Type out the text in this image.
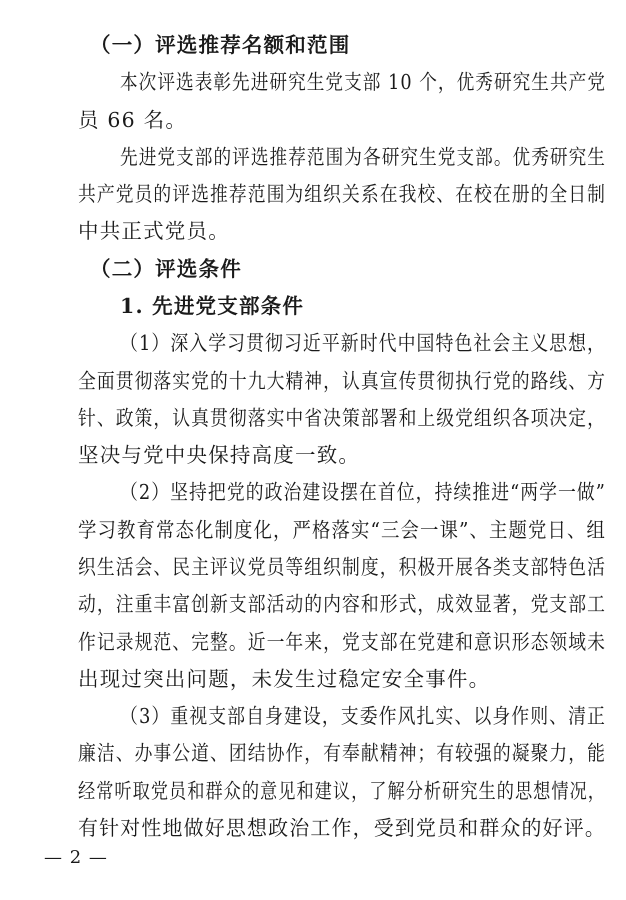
（一）评选推荐名额和范围
本次评选表彰先进研究生党支部 10 个，优秀研究生共产党
员 66 名。
先进党支部的评选推荐范围为各研究生党支部。优秀研究生
共产党员的评选推荐范围为组织关系在我校、在校在册的全日制
中共正式党员。
（二）评选条件
1. 先进党支部条件
（1）深入学习贯彻习近平新时代中国特色社会主义思想，
全面贯彻落实党的十九大精神，认真宣传贯彻执行党的路线、方
针、政策，认真贯彻落实中省决策部署和上级党组织各项决定，
坚决与党中央保持高度一致。
（2）坚持把党的政治建设摆在首位，持续推进“两学一做”
学习教育常态化制度化，严格落实“三会一课”、主题党日、组
织生活会、民主评议党员等组织制度，积极开展各类支部特色活
动，注重丰富创新支部活动的内容和形式，成效显著，党支部工
作记录规范、完整。近一年来，党支部在党建和意识形态领域未
出现过突出问题，未发生过稳定安全事件。
（3）重视支部自身建设，支委作风扎实、以身作则、清正
廉洁、办事公道、团结协作，有奉献精神；有较强的凝聚力，能
经常听取党员和群众的意见和建议，了解分析研究生的思想情况，
有针对性地做好思想政治工作，受到党员和群众的好评。
— 2 —
